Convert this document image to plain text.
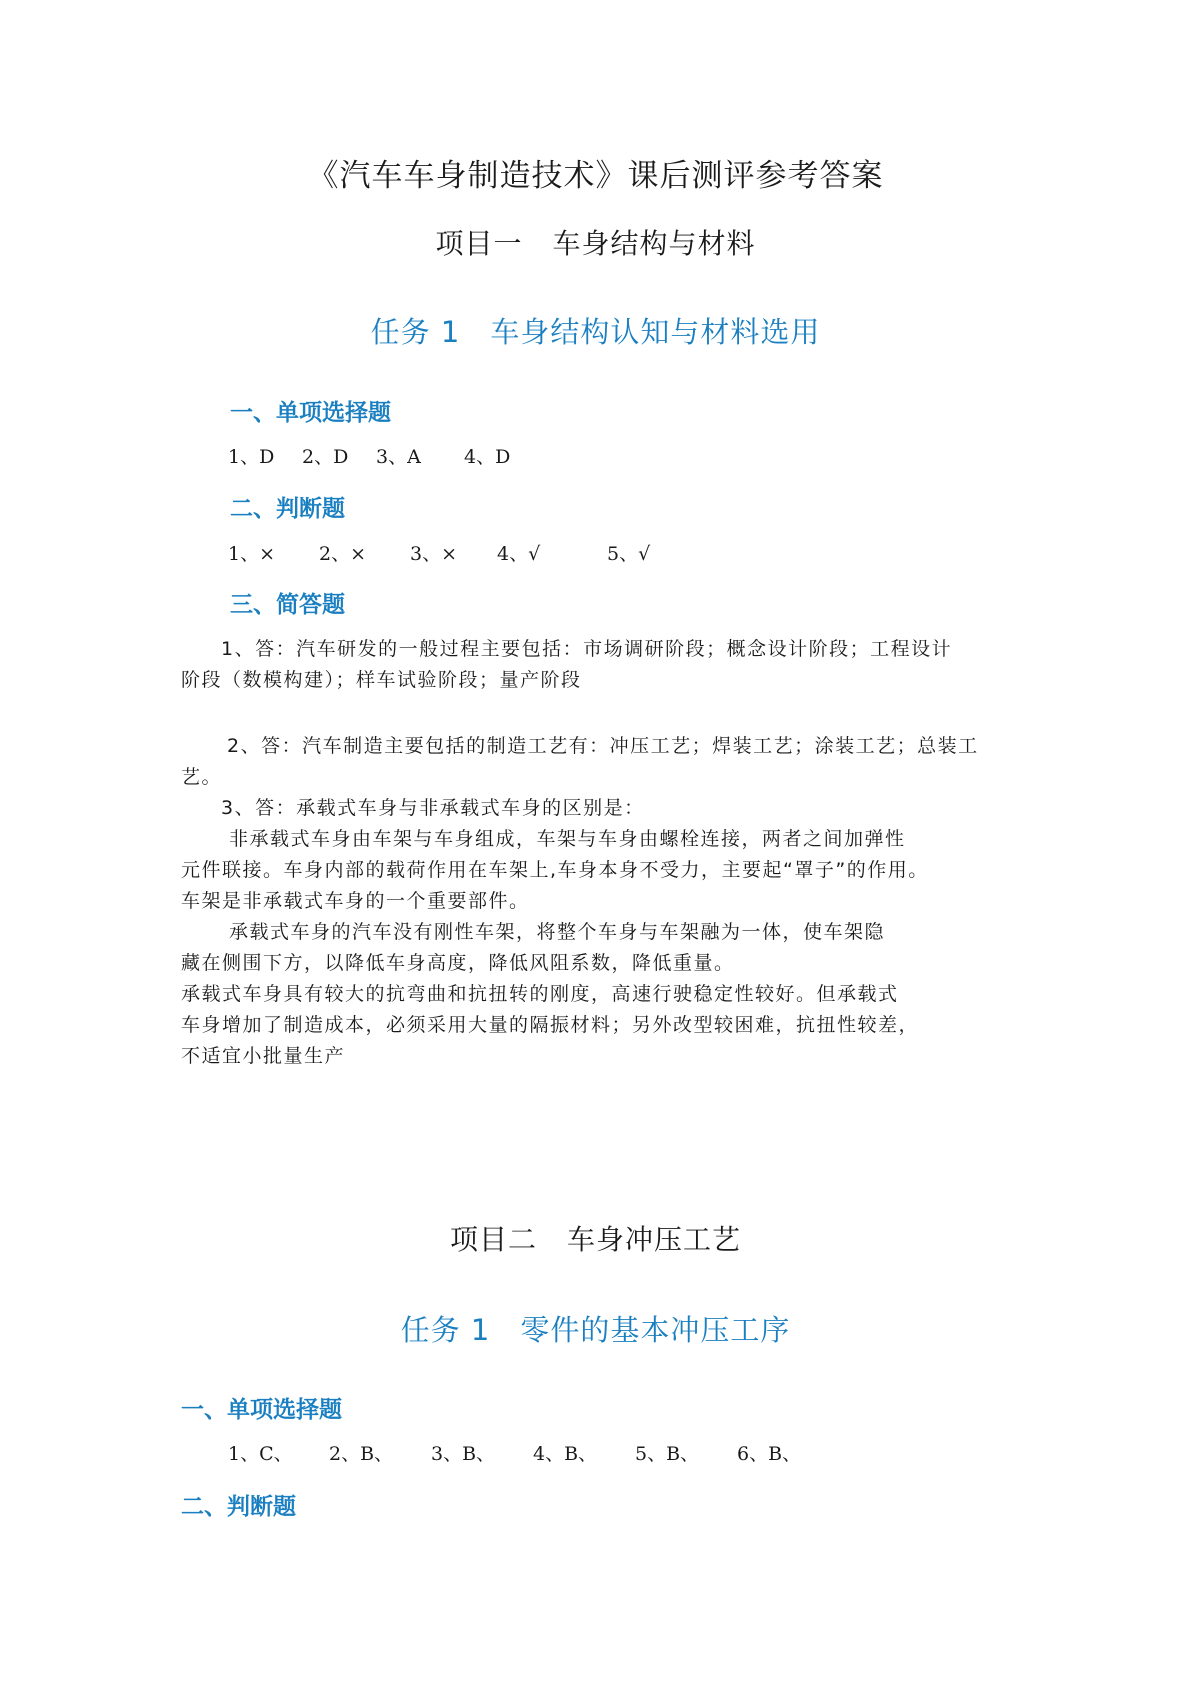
《汽车车身制造技术》课后测评参考答案
项目一 车身结构与材料
任务 1 车身结构认知与材料选用
一、单项选择题
1、D 2、D 3、A 4、D
二、判断题
1、× 2、× 3、× 4、√	5、√
三、简答题
1、答：汽车研发的一般过程主要包括：市场调研阶段；概念设计阶段；工程设计
阶段（数模构建）；样车试验阶段；量产阶段
2、答：汽车制造主要包括的制造工艺有：冲压工艺；焊装工艺；涂装工艺；总装工
艺。
3、答：承载式车身与非承载式车身的区别是：
非承载式车身由车架与车身组成，车架与车身由螺栓连接，两者之间加弹性
元件联接。车身内部的载荷作用在车架上,车身本身不受力，主要起“罩子”的作用。
车架是非承载式车身的一个重要部件。
承载式车身的汽车没有刚性车架，将整个车身与车架融为一体，使车架隐
藏在侧围下方，以降低车身高度，降低风阻系数，降低重量。
承载式车身具有较大的抗弯曲和抗扭转的刚度，高速行驶稳定性较好。但承载式
车身增加了制造成本，必须采用大量的隔振材料；另外改型较困难，抗扭性较差，
不适宜小批量生产
项目二 车身冲压工艺
任务 1 零件的基本冲压工序
一、单项选择题
1、C、 2、B、 3、B、 4、B、 5、B、 6、B、
二、判断题
